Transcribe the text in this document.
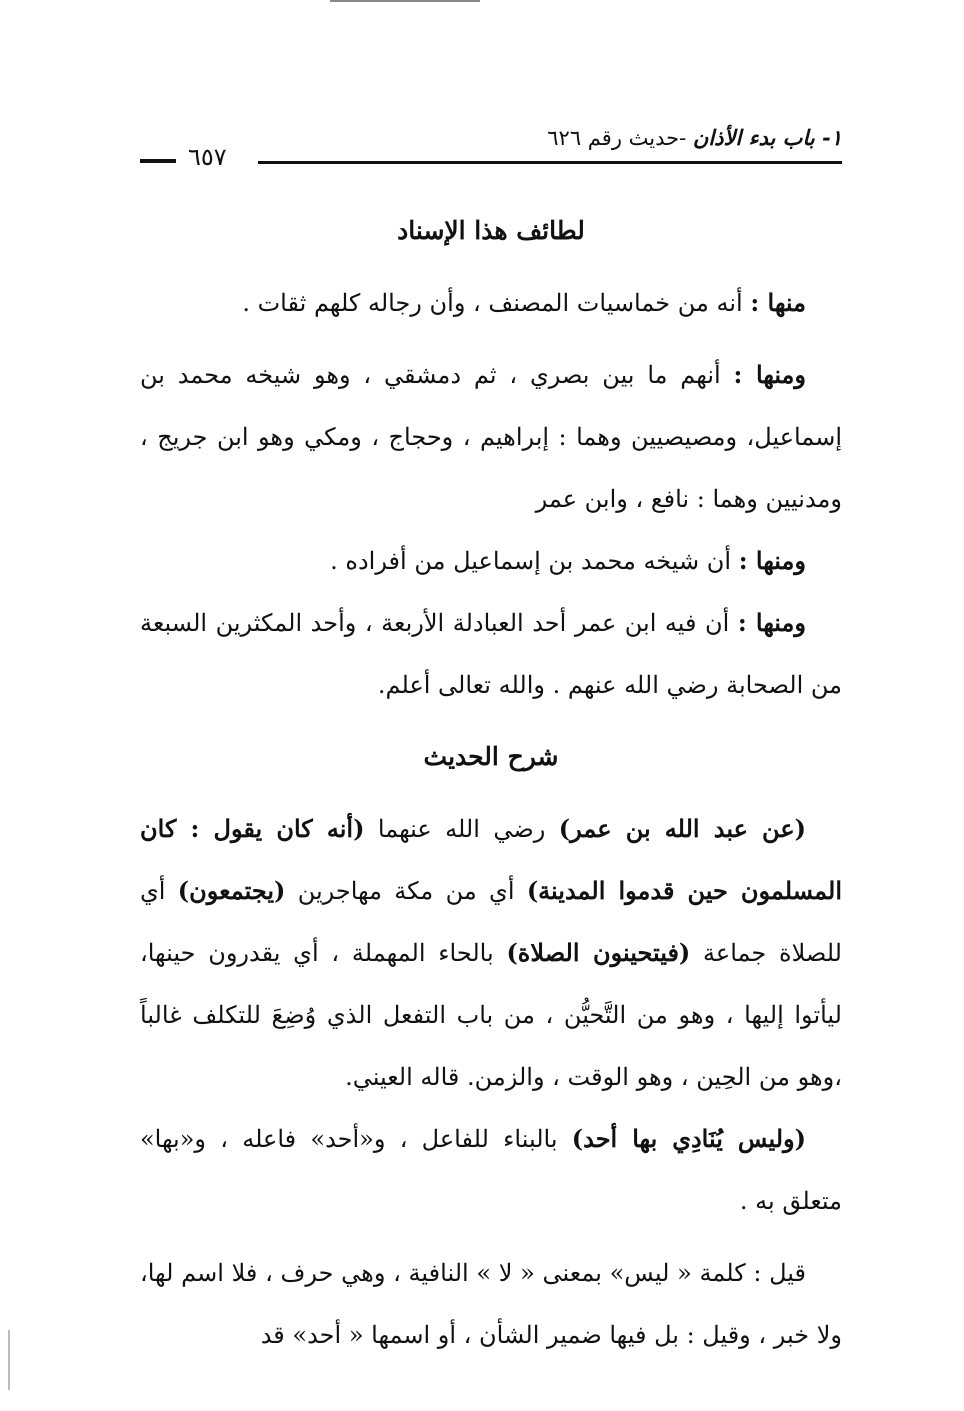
١- باب بدء الأذان -حديث رقم ٦٢٦
٦٥٧
لطائف هذا الإسناد

منها : أنه من خماسيات المصنف ، وأن رجاله كلهم ثقات .

ومنها : أنهم ما بين بصري ، ثم دمشقي ، وهو شيخه محمد بن إسماعيل، ومصيصيين وهما : إبراهيم ، وحجاج ، ومكي وهو ابن جريج ، ومدنيين وهما : نافع ، وابن عمر

ومنها : أن شيخه محمد بن إسماعيل من أفراده .

ومنها : أن فيه ابن عمر أحد العبادلة الأربعة ، وأحد المكثرين السبعة من الصحابة رضي الله عنهم . والله تعالى أعلم.

شرح الحديث

(عن عبد الله بن عمر) رضي الله عنهما (أنه كان يقول : كان المسلمون حين قدموا المدينة) أي من مكة مهاجرين (يجتمعون) أي للصلاة جماعة (فيتحينون الصلاة) بالحاء المهملة ، أي يقدرون حينها، ليأتوا إليها ، وهو من التَّحيُّن ، من باب التفعل الذي وُضِعَ للتكلف غالباً ،وهو من الحِين ، وهو الوقت ، والزمن. قاله العيني.

(وليس يُنَادِي بها أحد) بالبناء للفاعل ، و«أحد» فاعله ، و«بها» متعلق به .

قيل : كلمة « ليس» بمعنى « لا » النافية ، وهي حرف ، فلا اسم لها، ولا خبر ، وقيل : بل فيها ضمير الشأن ، أو اسمها « أحد» قد
